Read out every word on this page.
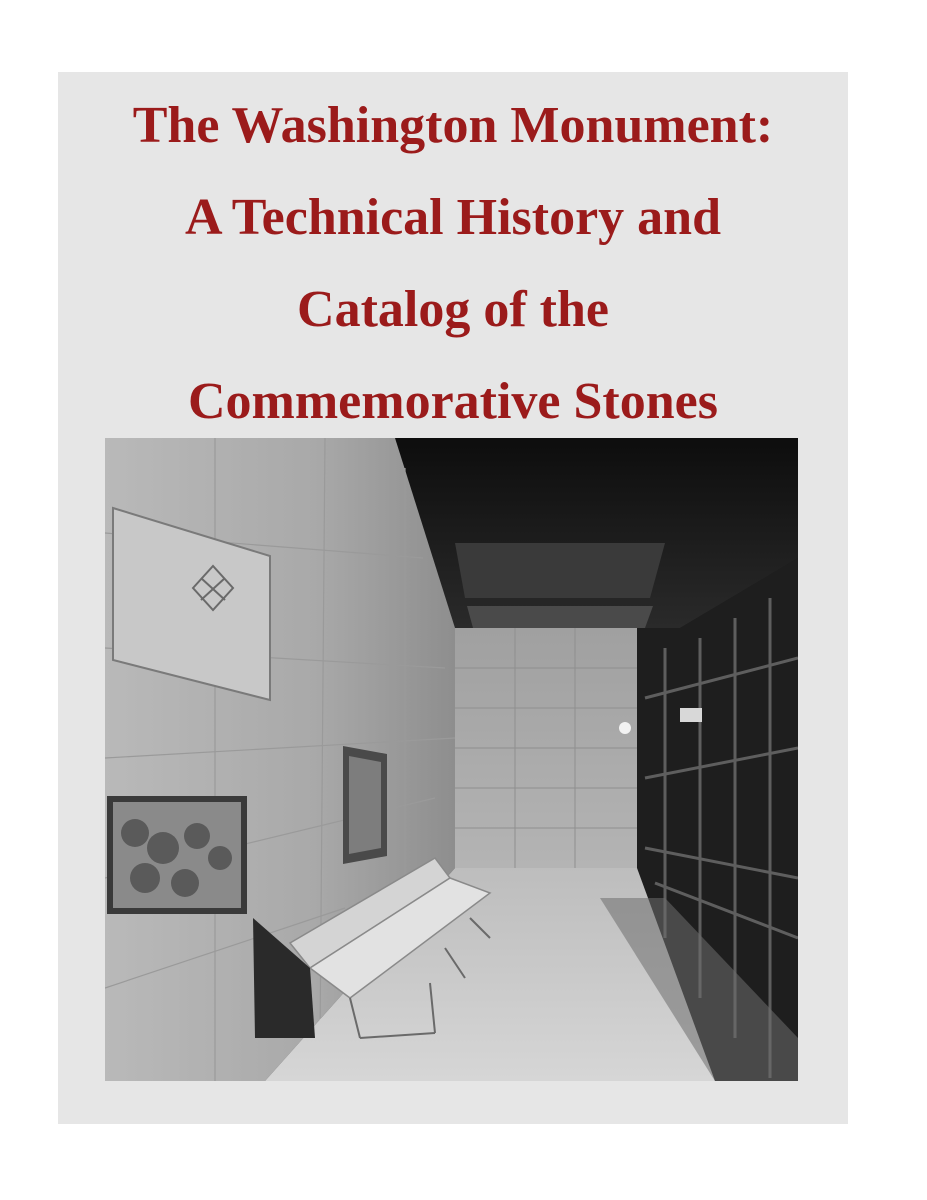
The Washington Monument:
A Technical History and
Catalog of the
Commemorative Stones
